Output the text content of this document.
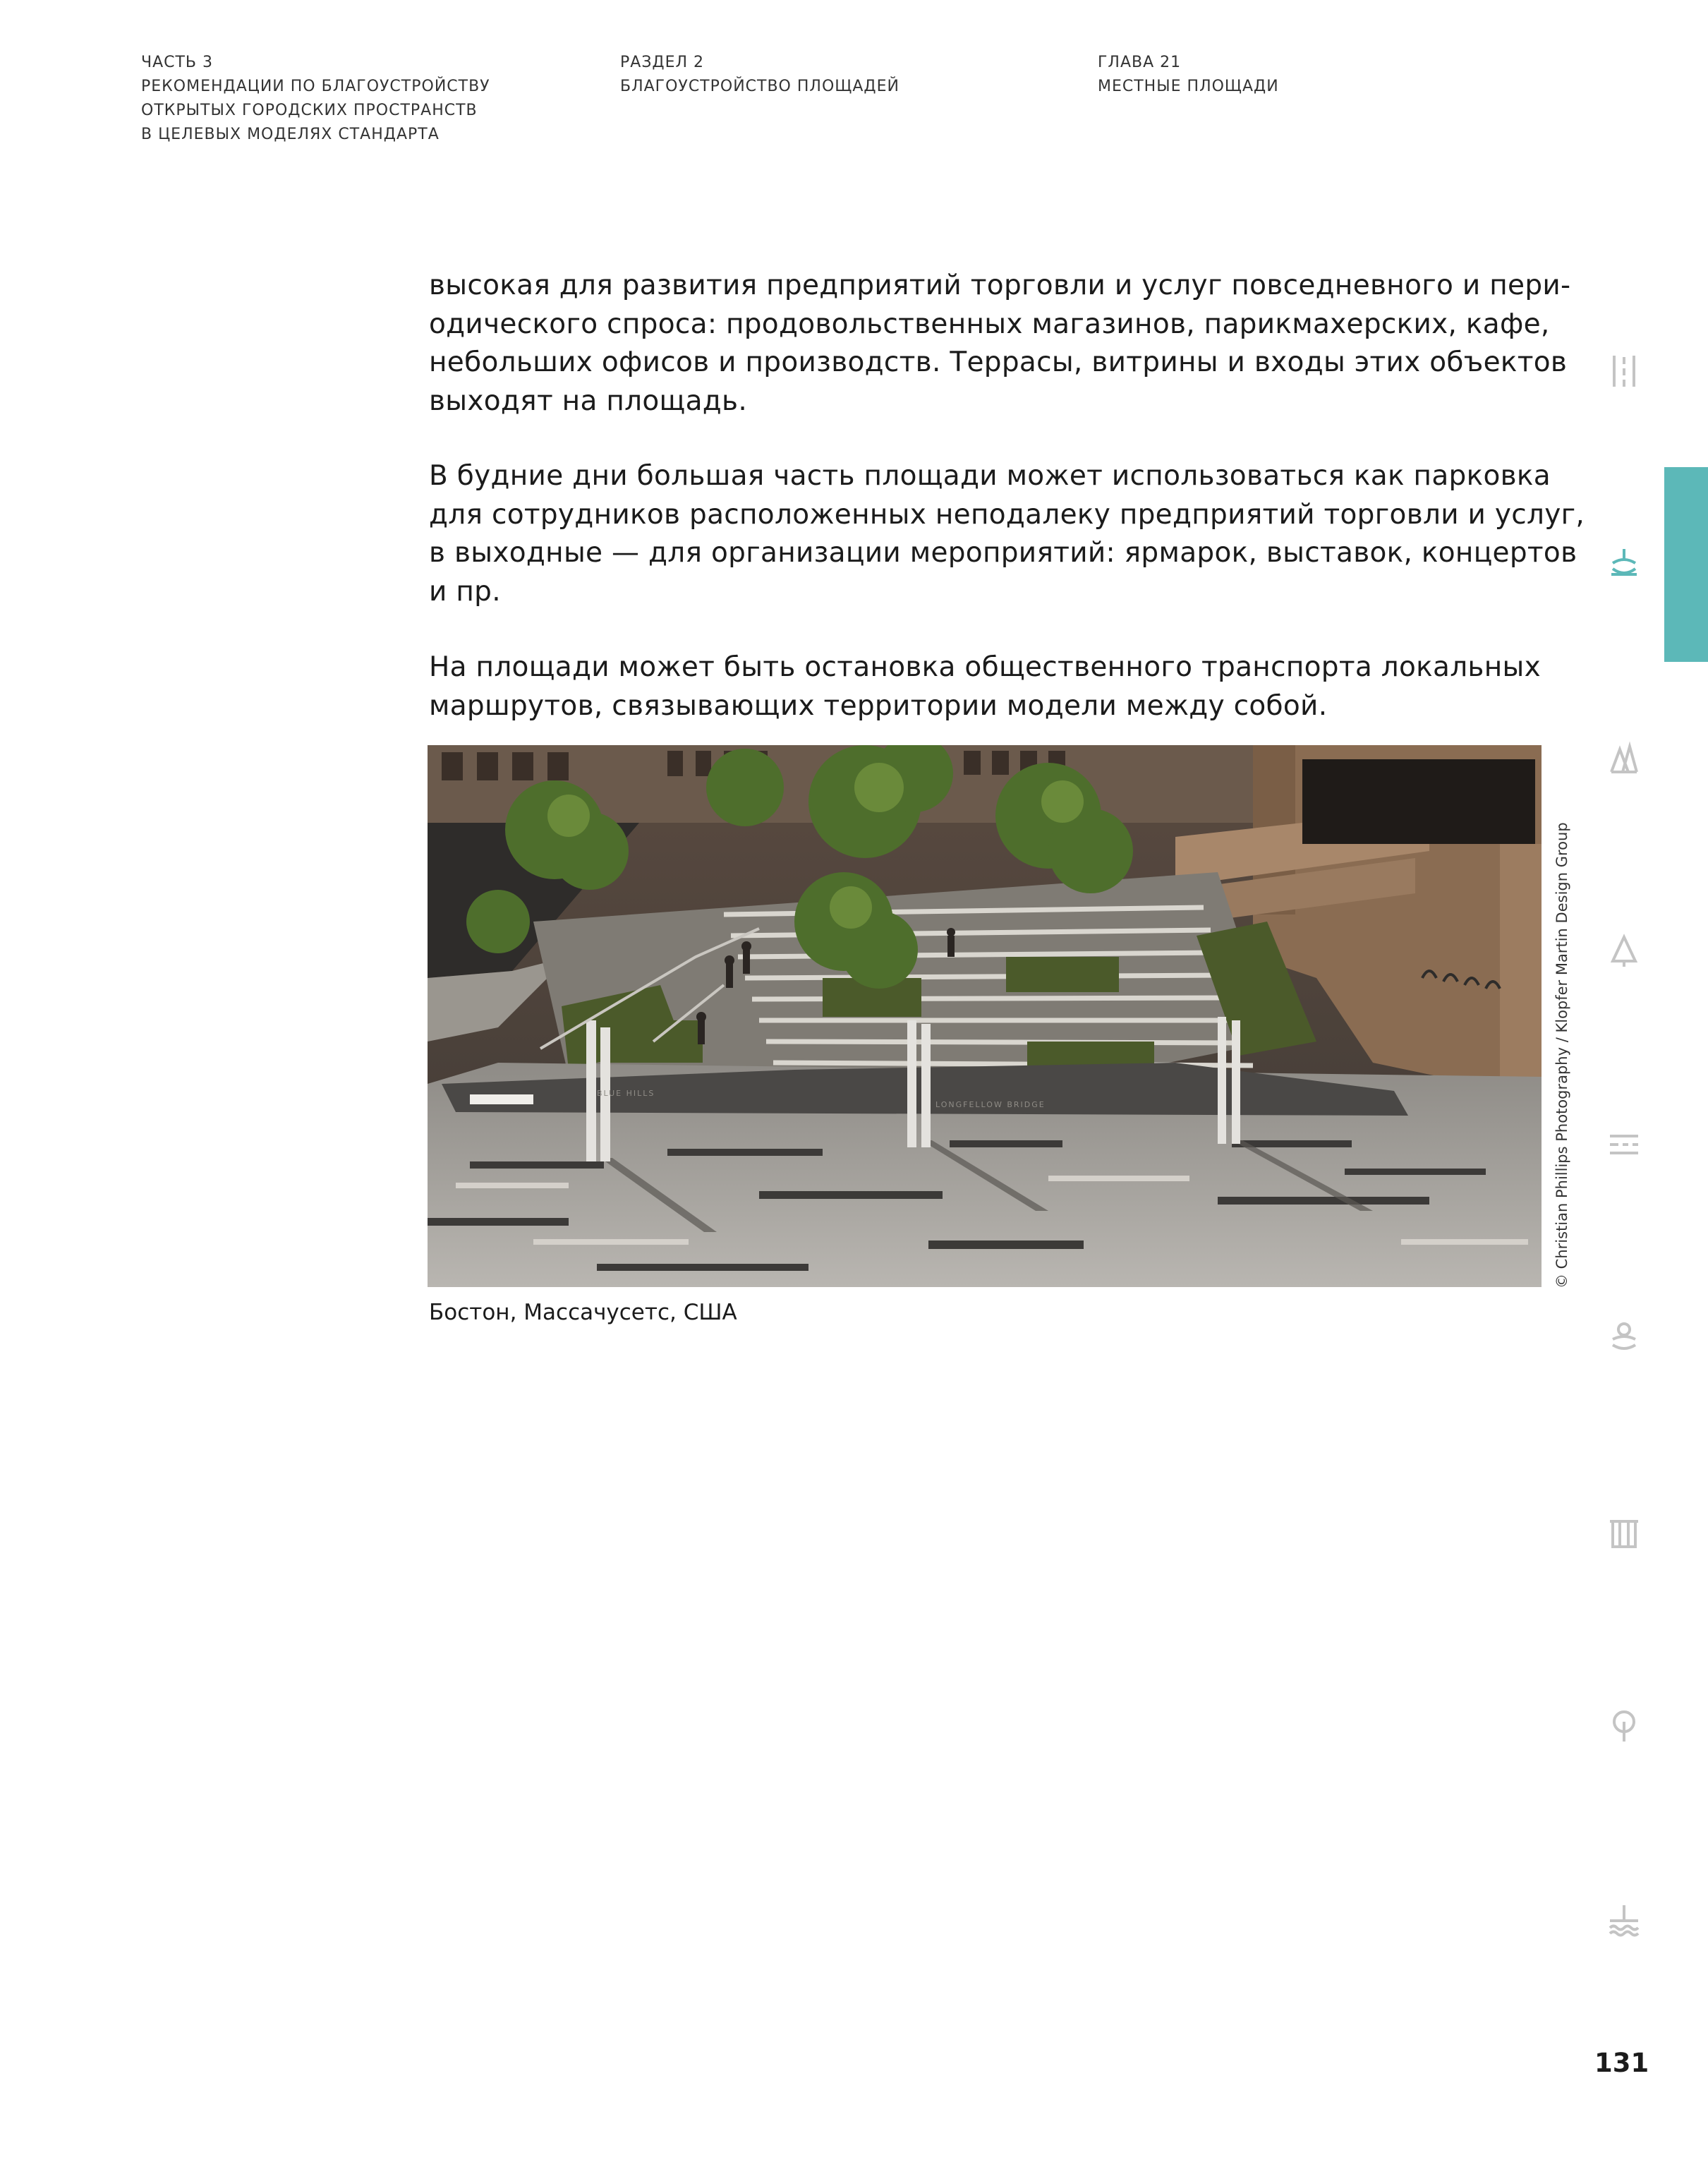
ЧАСТЬ 3
РЕКОМЕНДАЦИИ ПО БЛАГОУСТРОЙСТВУ
ОТКРЫТЫХ ГОРОДСКИХ ПРОСТРАНСТВ
В ЦЕЛЕВЫХ МОДЕЛЯХ СТАНДАРТА
РАЗДЕЛ 2
БЛАГОУСТРОЙСТВО ПЛОЩАДЕЙ
ГЛАВА 21
МЕСТНЫЕ ПЛОЩАДИ
высокая для развития предприятий торговли и услуг повседневного и пери-
одического спроса: продовольственных магазинов, парикмахерских, кафе,
небольших офисов и производств. Террасы, витрины и входы этих объектов
выходят на площадь.
В будние дни большая часть площади может использоваться как парковка
для сотрудников расположенных неподалеку предприятий торговли и услуг,
в выходные — для организации мероприятий: ярмарок, выставок, концертов
и пр.
На площади может быть остановка общественного транспорта локальных
маршрутов, связывающих территории модели между собой.
BLUE HILLS
LONGFELLOW BRIDGE
Бостон, Массачусетс, США
© Christian Phillips Photography / Klopfer Martin Design Group
131
